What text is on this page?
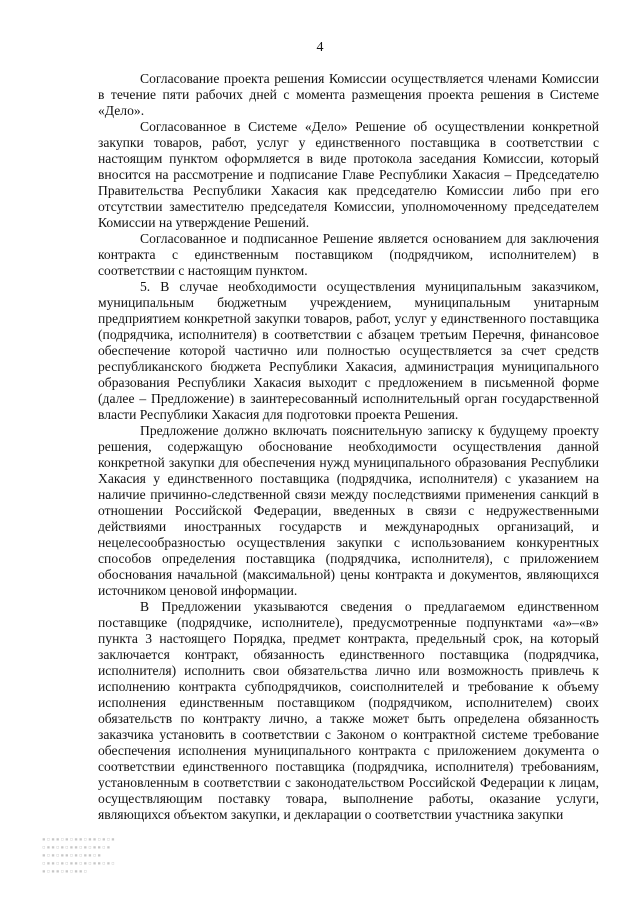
4

Согласование проекта решения Комиссии осуществляется членами Комиссии в течение пяти рабочих дней с момента размещения проекта решения в Системе «Дело».

Согласованное в Системе «Дело» Решение об осуществлении конкретной закупки товаров, работ, услуг у единственного поставщика в соответствии с настоящим пунктом оформляется в виде протокола заседания Комиссии, который вносится на рассмотрение и подписание Главе Республики Хакасия – Председателю Правительства Республики Хакасия как председателю Комиссии либо при его отсутствии заместителю председателя Комиссии, уполномоченному председателем Комиссии на утверждение Решений.

Согласованное и подписанное Решение является основанием для заключения контракта с единственным поставщиком (подрядчиком, исполнителем) в соответствии с настоящим пунктом.

5. В случае необходимости осуществления муниципальным заказчиком, муниципальным бюджетным учреждением, муниципальным унитарным предприятием конкретной закупки товаров, работ, услуг у единственного поставщика (подрядчика, исполнителя) в соответствии с абзацем третьим Перечня, финансовое обеспечение которой частично или полностью осуществляется за счет средств республиканского бюджета Республики Хакасия, администрация муниципального образования Республики Хакасия выходит с предложением в письменной форме (далее – Предложение) в заинтересованный исполнительный орган государственной власти Республики Хакасия для подготовки проекта Решения.

Предложение должно включать пояснительную записку к будущему проекту решения, содержащую обоснование необходимости осуществления данной конкретной закупки для обеспечения нужд муниципального образования Республики Хакасия у единственного поставщика (подрядчика, исполнителя) с указанием на наличие причинно-следственной связи между последствиями применения санкций в отношении Российской Федерации, введенных в связи с недружественными действиями иностранных государств и международных организаций, и нецелесообразностью осуществления закупки с использованием конкурентных способов определения поставщика (подрядчика, исполнителя), с приложением обоснования начальной (максимальной) цены контракта и документов, являющихся источником ценовой информации.

В Предложении указываются сведения о предлагаемом единственном поставщике (подрядчике, исполнителе), предусмотренные подпунктами «а»–«в» пункта 3 настоящего Порядка, предмет контракта, предельный срок, на который заключается контракт, обязанность единственного поставщика (подрядчика, исполнителя) исполнить свои обязательства лично или возможность привлечь к исполнению контракта субподрядчиков, соисполнителей и требование к объему исполнения единственным поставщиком (подрядчиком, исполнителем) своих обязательств по контракту лично, а также может быть определена обязанность заказчика установить в соответствии с Законом о контрактной системе требование обеспечения исполнения муниципального контракта с приложением документа о соответствии единственного поставщика (подрядчика, исполнителя) требованиям, установленным в соответствии с законодательством Российской Федерации к лицам, осуществляющим поставку товара, выполнение работы, оказание услуги, являющихся объектом закупки, и декларации о соответствии участника закупки

▪▫▪▪▫▪▫▪▪▫▪▪▫▪▫▪
▫▪▪▫▪▫▪▪▫▪▫▪▪▫▪
▪▫▪▫▪▪▫▪▫▪▪▫▪
▫▪▪▫▪▫▪▪▫▪▫▪▪▫▪▫
▪▫▪▪▫▪▫▪▪▫
